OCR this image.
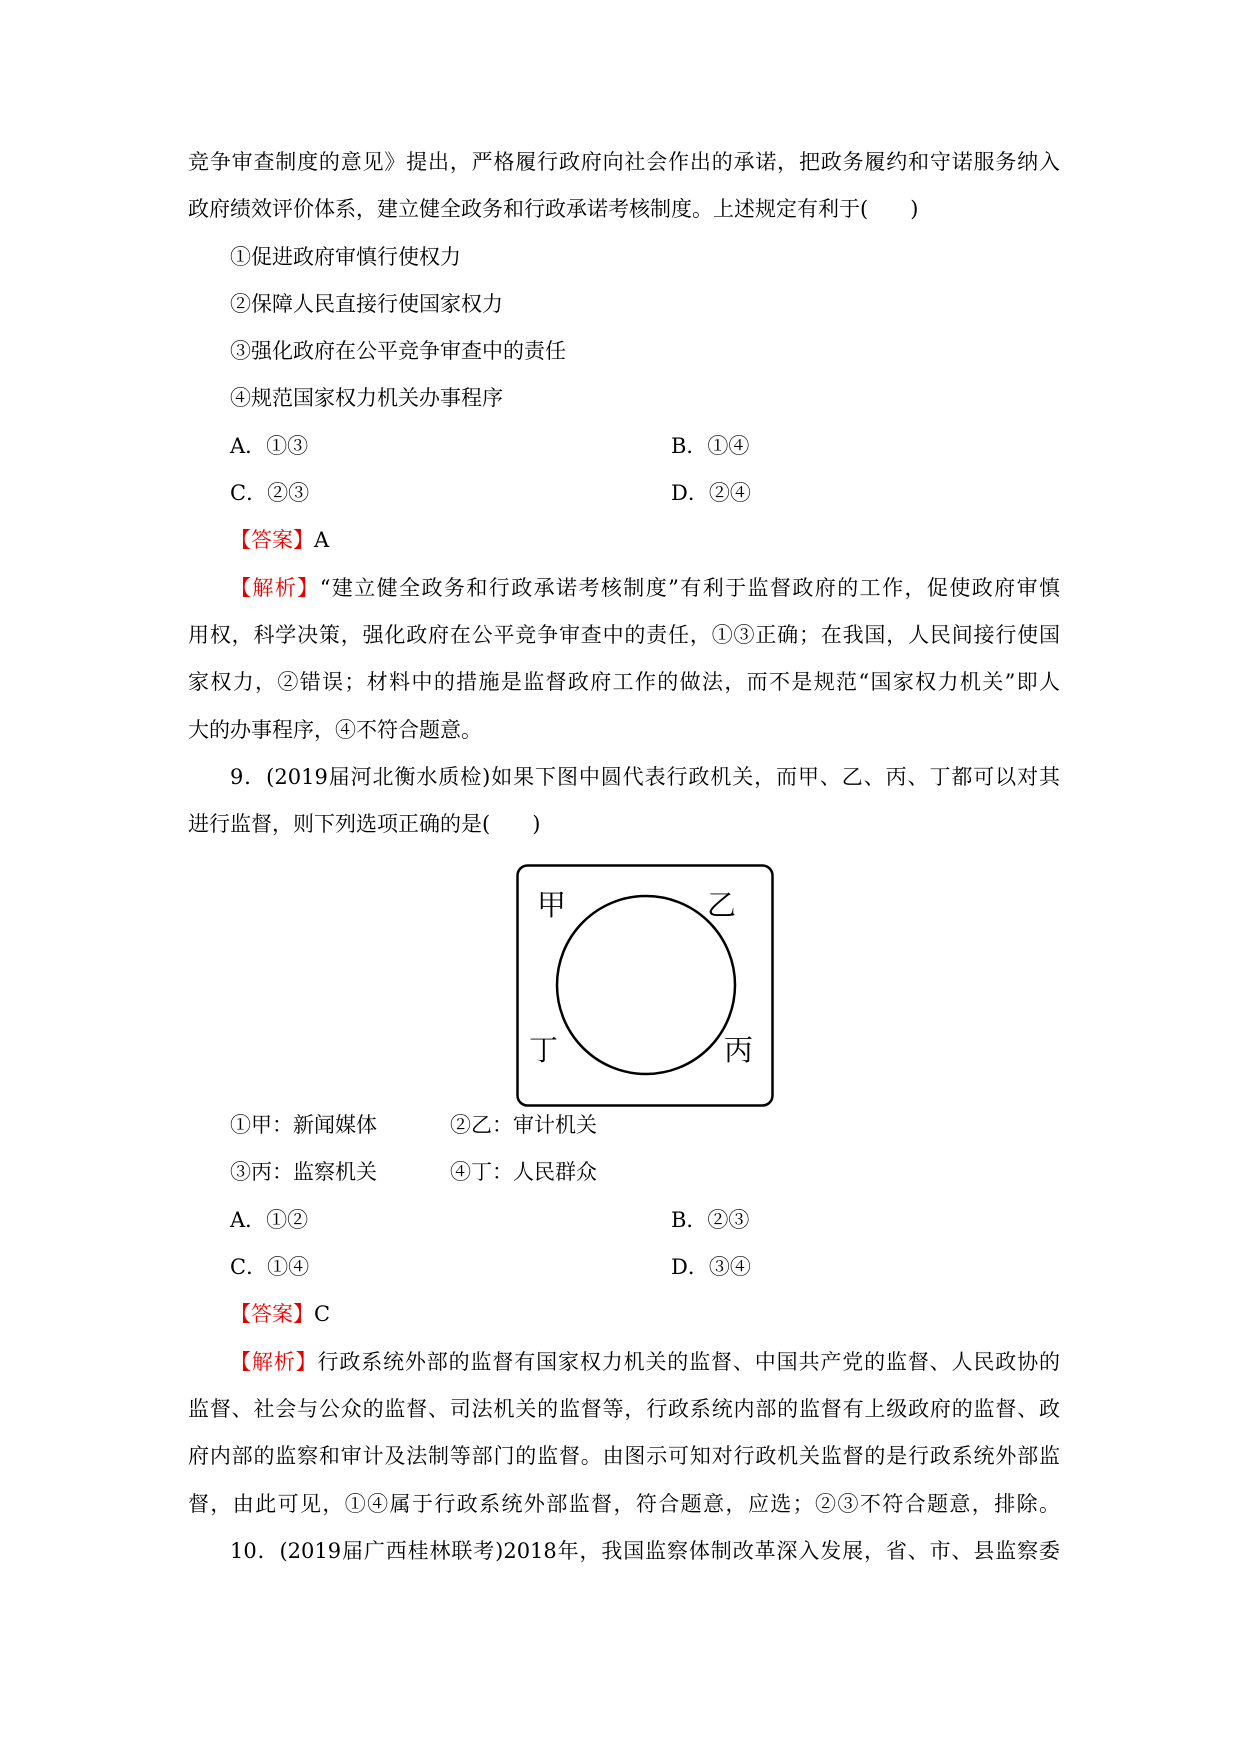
竞争审查制度的意见》提出，严格履行政府向社会作出的承诺，把政务履约和守诺服务纳入
政府绩效评价体系，建立健全政务和行政承诺考核制度。上述规定有利于(　　)
①促进政府审慎行使权力
②保障人民直接行使国家权力
③强化政府在公平竞争审查中的责任
④规范国家权力机关办事程序
A．①③	B．①④
C．②③	D．②④
【答案】A
【解析】“建立健全政务和行政承诺考核制度”有利于监督政府的工作，促使政府审慎
用权，科学决策，强化政府在公平竞争审查中的责任，①③正确；在我国，人民间接行使国
家权力，②错误；材料中的措施是监督政府工作的做法，而不是规范“国家权力机关”即人
大的办事程序，④不符合题意。
9．(2019届河北衡水质检)如果下图中圆代表行政机关，而甲、乙、丙、丁都可以对其
进行监督，则下列选项正确的是(　　)
甲	乙
丙
丁
①甲：新闻媒体	②乙：审计机关
③丙：监察机关	④丁：人民群众
A．①②	B．②③
C．①④	D．③④
【答案】C
【解析】行政系统外部的监督有国家权力机关的监督、中国共产党的监督、人民政协的
监督、社会与公众的监督、司法机关的监督等，行政系统内部的监督有上级政府的监督、政
府内部的监察和审计及法制等部门的监督。由图示可知对行政机关监督的是行政系统外部监
督，由此可见，①④属于行政系统外部监督，符合题意，应选；②③不符合题意，排除。
10．(2019届广西桂林联考)2018年，我国监察体制改革深入发展，省、市、县监察委
